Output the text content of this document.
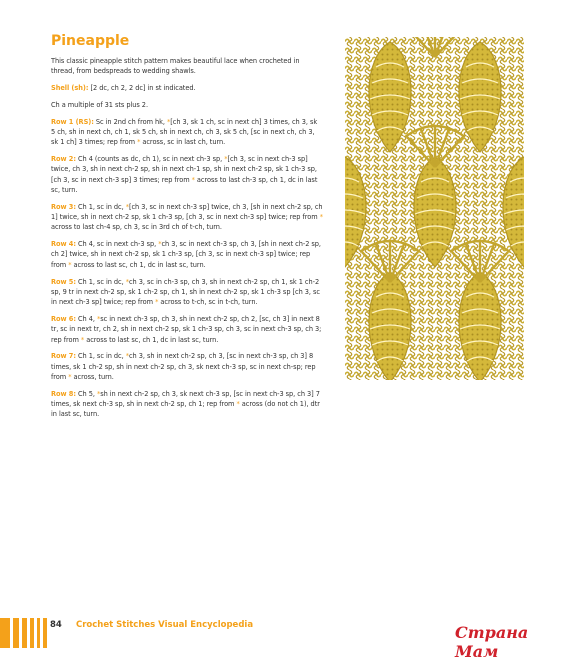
Pineapple

This classic pineapple stitch pattern makes beautiful lace when crocheted in thread, from bedspreads to wedding shawls.

Shell (sh): [2 dc, ch 2, 2 dc] in st indicated.

Ch a multiple of 31 sts plus 2.

Row 1 (RS): Sc in 2nd ch from hk, *[ch 3, sk 1 ch, sc in next ch] 3 times, ch 3, sk 5 ch, sh in next ch, ch 1, sk 5 ch, sh in next ch, ch 3, sk 5 ch, [sc in next ch, ch 3, sk 1 ch] 3 times; rep from * across, sc in last ch, turn.

Row 2: Ch 4 (counts as dc, ch 1), sc in next ch-3 sp, *[ch 3, sc in next ch-3 sp] twice, ch 3, sh in next ch-2 sp, sh in next ch-1 sp, sh in next ch-2 sp, sk 1 ch-3 sp, [ch 3, sc in next ch-3 sp] 3 times; rep from * across to last ch-3 sp, ch 1, dc in last sc, turn.

Row 3: Ch 1, sc in dc, *[ch 3, sc in next ch-3 sp] twice, ch 3, [sh in next ch-2 sp, ch 1] twice, sh in next ch-2 sp, sk 1 ch-3 sp, [ch 3, sc in next ch-3 sp] twice; rep from * across to last ch-4 sp, ch 3, sc in 3rd ch of t-ch, turn.

Row 4: Ch 4, sc in next ch-3 sp, *ch 3, sc in next ch-3 sp, ch 3, [sh in next ch-2 sp, ch 2] twice, sh in next ch-2 sp, sk 1 ch-3 sp, [ch 3, sc in next ch-3 sp] twice; rep from * across to last sc, ch 1, dc in last sc, turn.

Row 5: Ch 1, sc in dc, *ch 3, sc in ch-3 sp, ch 3, sh in next ch-2 sp, ch 1, sk 1 ch-2 sp, 9 tr in next ch-2 sp, sk 1 ch-2 sp, ch 1, sh in next ch-2 sp, sk 1 ch-3 sp [ch 3, sc in next ch-3 sp] twice; rep from * across to t-ch, sc in t-ch, turn.

Row 6: Ch 4, *sc in next ch-3 sp, ch 3, sh in next ch-2 sp, ch 2, [sc, ch 3] in next 8 tr, sc in next tr, ch 2, sh in next ch-2 sp, sk 1 ch-3 sp, ch 3, sc in next ch-3 sp, ch 3; rep from * across to last sc, ch 1, dc in last sc, turn.

Row 7: Ch 1, sc in dc, *ch 3, sh in next ch-2 sp, ch 3, [sc in next ch-3 sp, ch 3] 8 times, sk 1 ch-2 sp, sh in next ch-2 sp, ch 3, sk next ch-3 sp, sc in next ch-sp; rep from * across, turn.

Row 8: Ch 5, *sh in next ch-2 sp, ch 3, sk next ch-3 sp, [sc in next ch-3 sp, ch 3] 7 times, sk next ch-3 sp, sh in next ch-2 sp, ch 1; rep from * across (do not ch 1), dtr in last sc, turn.

84 Crochet Stitches Visual Encyclopedia	Страна Мам
